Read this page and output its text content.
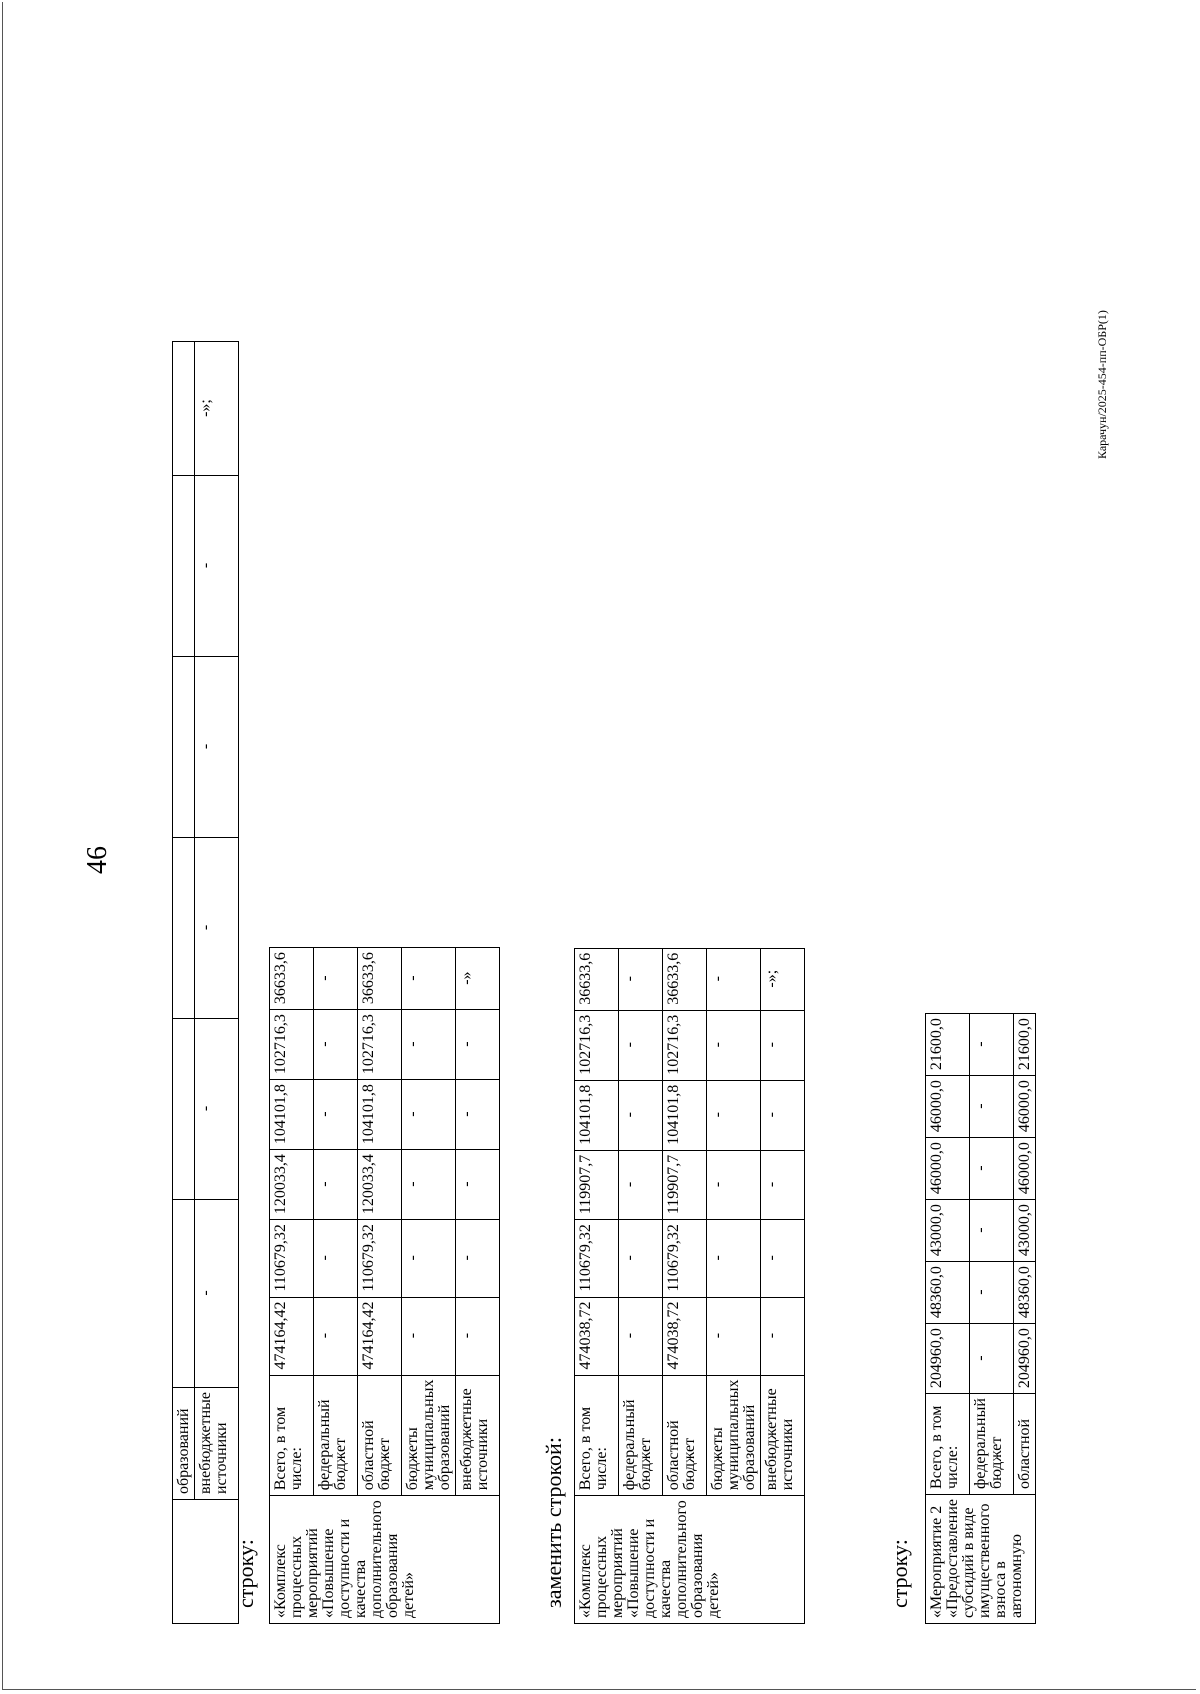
46
Карачун/2025-454-пп-ОБР(1)
	образований						
	внебюджетные источники	-	-	-	-	-	-»;
строку: «Комплекс процессных мероприятий «Повышение доступности и качества дополнительного образования детей»	Всего, в том числе:	474164,42	110679,32	120033,4	104101,8	102716,3	36633,6
	федеральный бюджет	-	-	-	-	-	-
	областной бюджет	474164,42	110679,32	120033,4	104101,8	102716,3	36633,6
	бюджеты муниципальных образований	-	-	-	-	-	-
	внебюджетные источники	-	-	-	-	-	-»
заменить строкой: «Комплекс процессных мероприятий «Повышение доступности и качества дополнительного образования детей»	Всего, в том числе:	474038,72	110679,32	119907,7	104101,8	102716,3	36633,6
	федеральный бюджет	-	-	-	-	-	-
	областной бюджет	474038,72	110679,32	119907,7	104101,8	102716,3	36633,6
	бюджеты муниципальных образований	-	-	-	-	-	-
	внебюджетные источники	-	-	-	-	-	-»;
строку: «Мероприятие 2 «Предоставление субсидий в виде имущественного взноса в автономную	Всего, в том числе:	204960,0	48360,0	43000,0	46000,0	46000,0	21600,0
	федеральный бюджет	-	-	-	-	-	-
	областной	204960,0	48360,0	43000,0	46000,0	46000,0	21600,0
